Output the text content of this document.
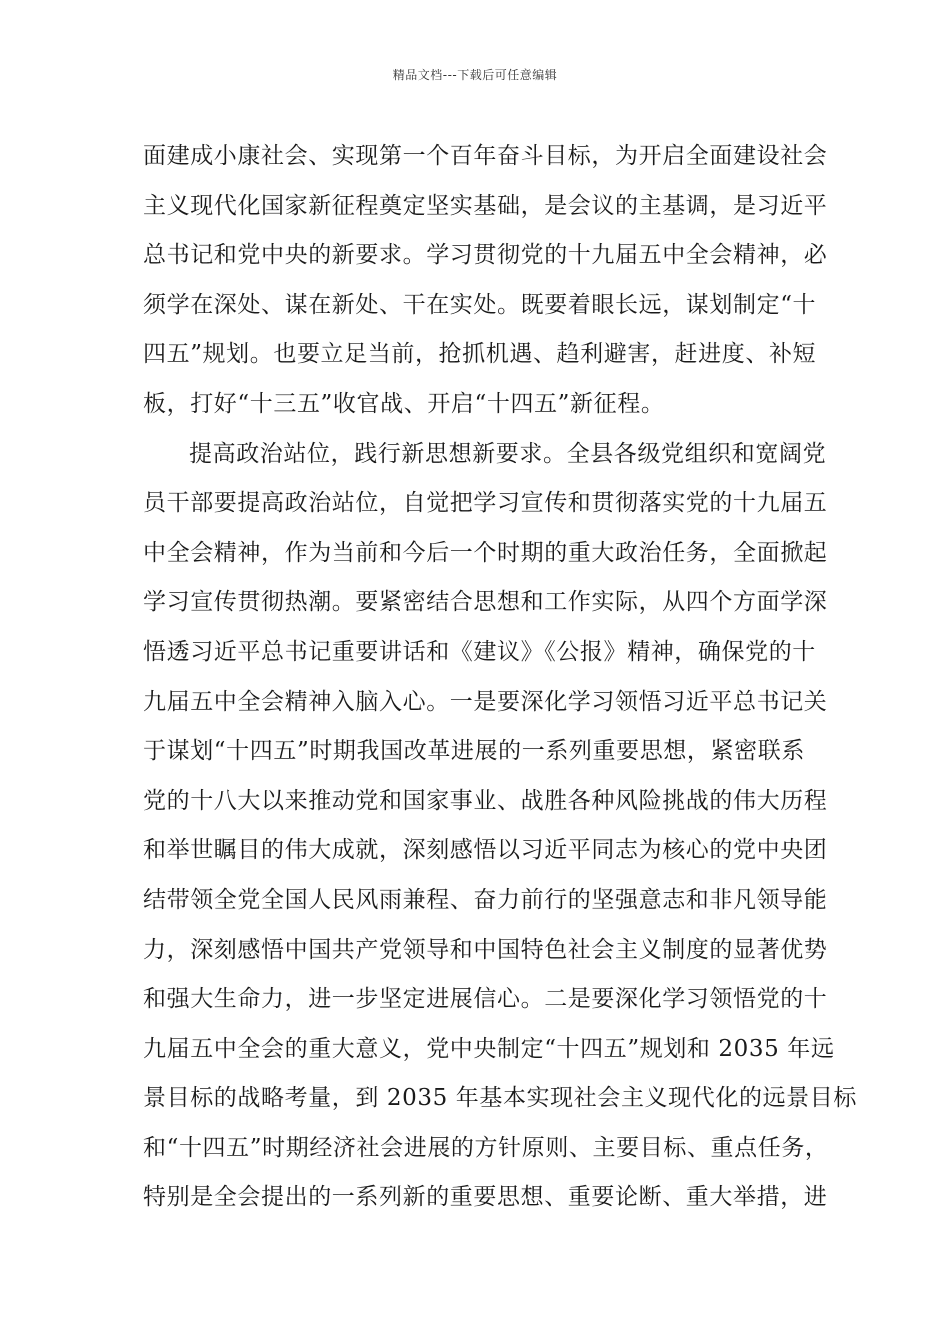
精品文档---下载后可任意编辑
面建成小康社会、实现第一个百年奋斗目标，为开启全面建设社会
主义现代化国家新征程奠定坚实基础，是会议的主基调，是习近平
总书记和党中央的新要求。学习贯彻党的十九届五中全会精神，必
须学在深处、谋在新处、干在实处。既要着眼长远，谋划制定“十
四五”规划。也要立足当前，抢抓机遇、趋利避害，赶进度、补短
板，打好“十三五”收官战、开启“十四五”新征程。
提高政治站位，践行新思想新要求。全县各级党组织和宽阔党
员干部要提高政治站位，自觉把学习宣传和贯彻落实党的十九届五
中全会精神，作为当前和今后一个时期的重大政治任务，全面掀起
学习宣传贯彻热潮。要紧密结合思想和工作实际，从四个方面学深
悟透习近平总书记重要讲话和《建议》《公报》精神，确保党的十
九届五中全会精神入脑入心。一是要深化学习领悟习近平总书记关
于谋划“十四五”时期我国改革进展的一系列重要思想，紧密联系
党的十八大以来推动党和国家事业、战胜各种风险挑战的伟大历程
和举世瞩目的伟大成就，深刻感悟以习近平同志为核心的党中央团
结带领全党全国人民风雨兼程、奋力前行的坚强意志和非凡领导能
力，深刻感悟中国共产党领导和中国特色社会主义制度的显著优势
和强大生命力，进一步坚定进展信心。二是要深化学习领悟党的十
九届五中全会的重大意义，党中央制定“十四五”规划和 2035 年远
景目标的战略考量，到 2035 年基本实现社会主义现代化的远景目标
和“十四五”时期经济社会进展的方针原则、主要目标、重点任务，
特别是全会提出的一系列新的重要思想、重要论断、重大举措，进
